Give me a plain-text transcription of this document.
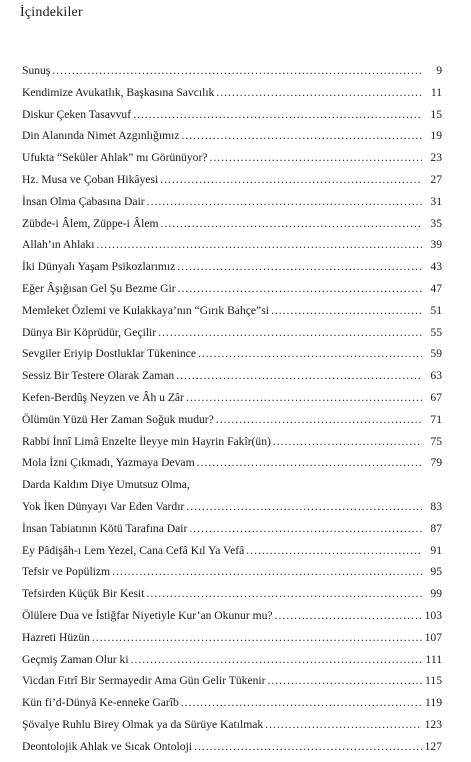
İçindekiler
Sunuş .....	9
Kendimize Avukatlık, Başkasına Savcılık .....	11
Diskur Çeken Tasavvuf .....	15
Din Alanında Nimet Azgınlığımız .....	19
Ufukta “Seküler Ahlak” mı Görünüyor? .....	23
Hz. Musa ve Çoban Hikâyesi .....	27
İnsan Olma Çabasına Dair .....	31
Zübde-i Âlem, Züppe-i Âlem .....	35
Allah’ın Ahlakı .....	39
İki Dünyalı Yaşam Psikozlarımız .....	43
Eğer Âşığısan Gel Şu Bezme Gir .....	47
Memleket Özlemi ve Kulakkaya’nın “Gırık Bahçe”si .....	51
Dünya Bir Köprüdür, Geçilir .....	55
Sevgiler Eriyip Dostluklar Tükenince .....	59
Sessiz Bir Testere Olarak Zaman .....	63
Kefen-Berdûş Neyzen ve Âh u Zâr .....	67
Ölümün Yüzü Her Zaman Soğuk mudur? .....	71
Rabbi İnnî Limâ Enzelte İleyye min Hayrin Fakîr(ün) .....	75
Mola İzni Çıkmadı, Yazmaya Devam .....	79
Darda Kaldım Diye Umutsuz Olma,
Yok İken Dünyayı Var Eden Vardır .....	83
İnsan Tabiatının Kötü Tarafına Dair .....	87
Ey Pâdişâh-ı Lem Yezel, Cana Cefâ Kıl Ya Vefâ .....	91
Tefsir ve Popülizm .....	95
Tefsirden Küçük Bir Kesit .....	99
Ölülere Dua ve İstiğfar Niyetiyle Kur’an Okunur mu? .....	103
Hazreti Hüzün .....	107
Geçmiş Zaman Olur ki .....	111
Vicdan Fıtrî Bir Sermayedir Ama Gün Gelir Tükenir .....	115
Kün fi’d-Dünyâ Ke-enneke Garîb .....	119
Şövalye Ruhlu Birey Olmak ya da Sürüye Katılmak .....	123
Deontolojik Ahlak ve Sıcak Ontoloji .....	127
